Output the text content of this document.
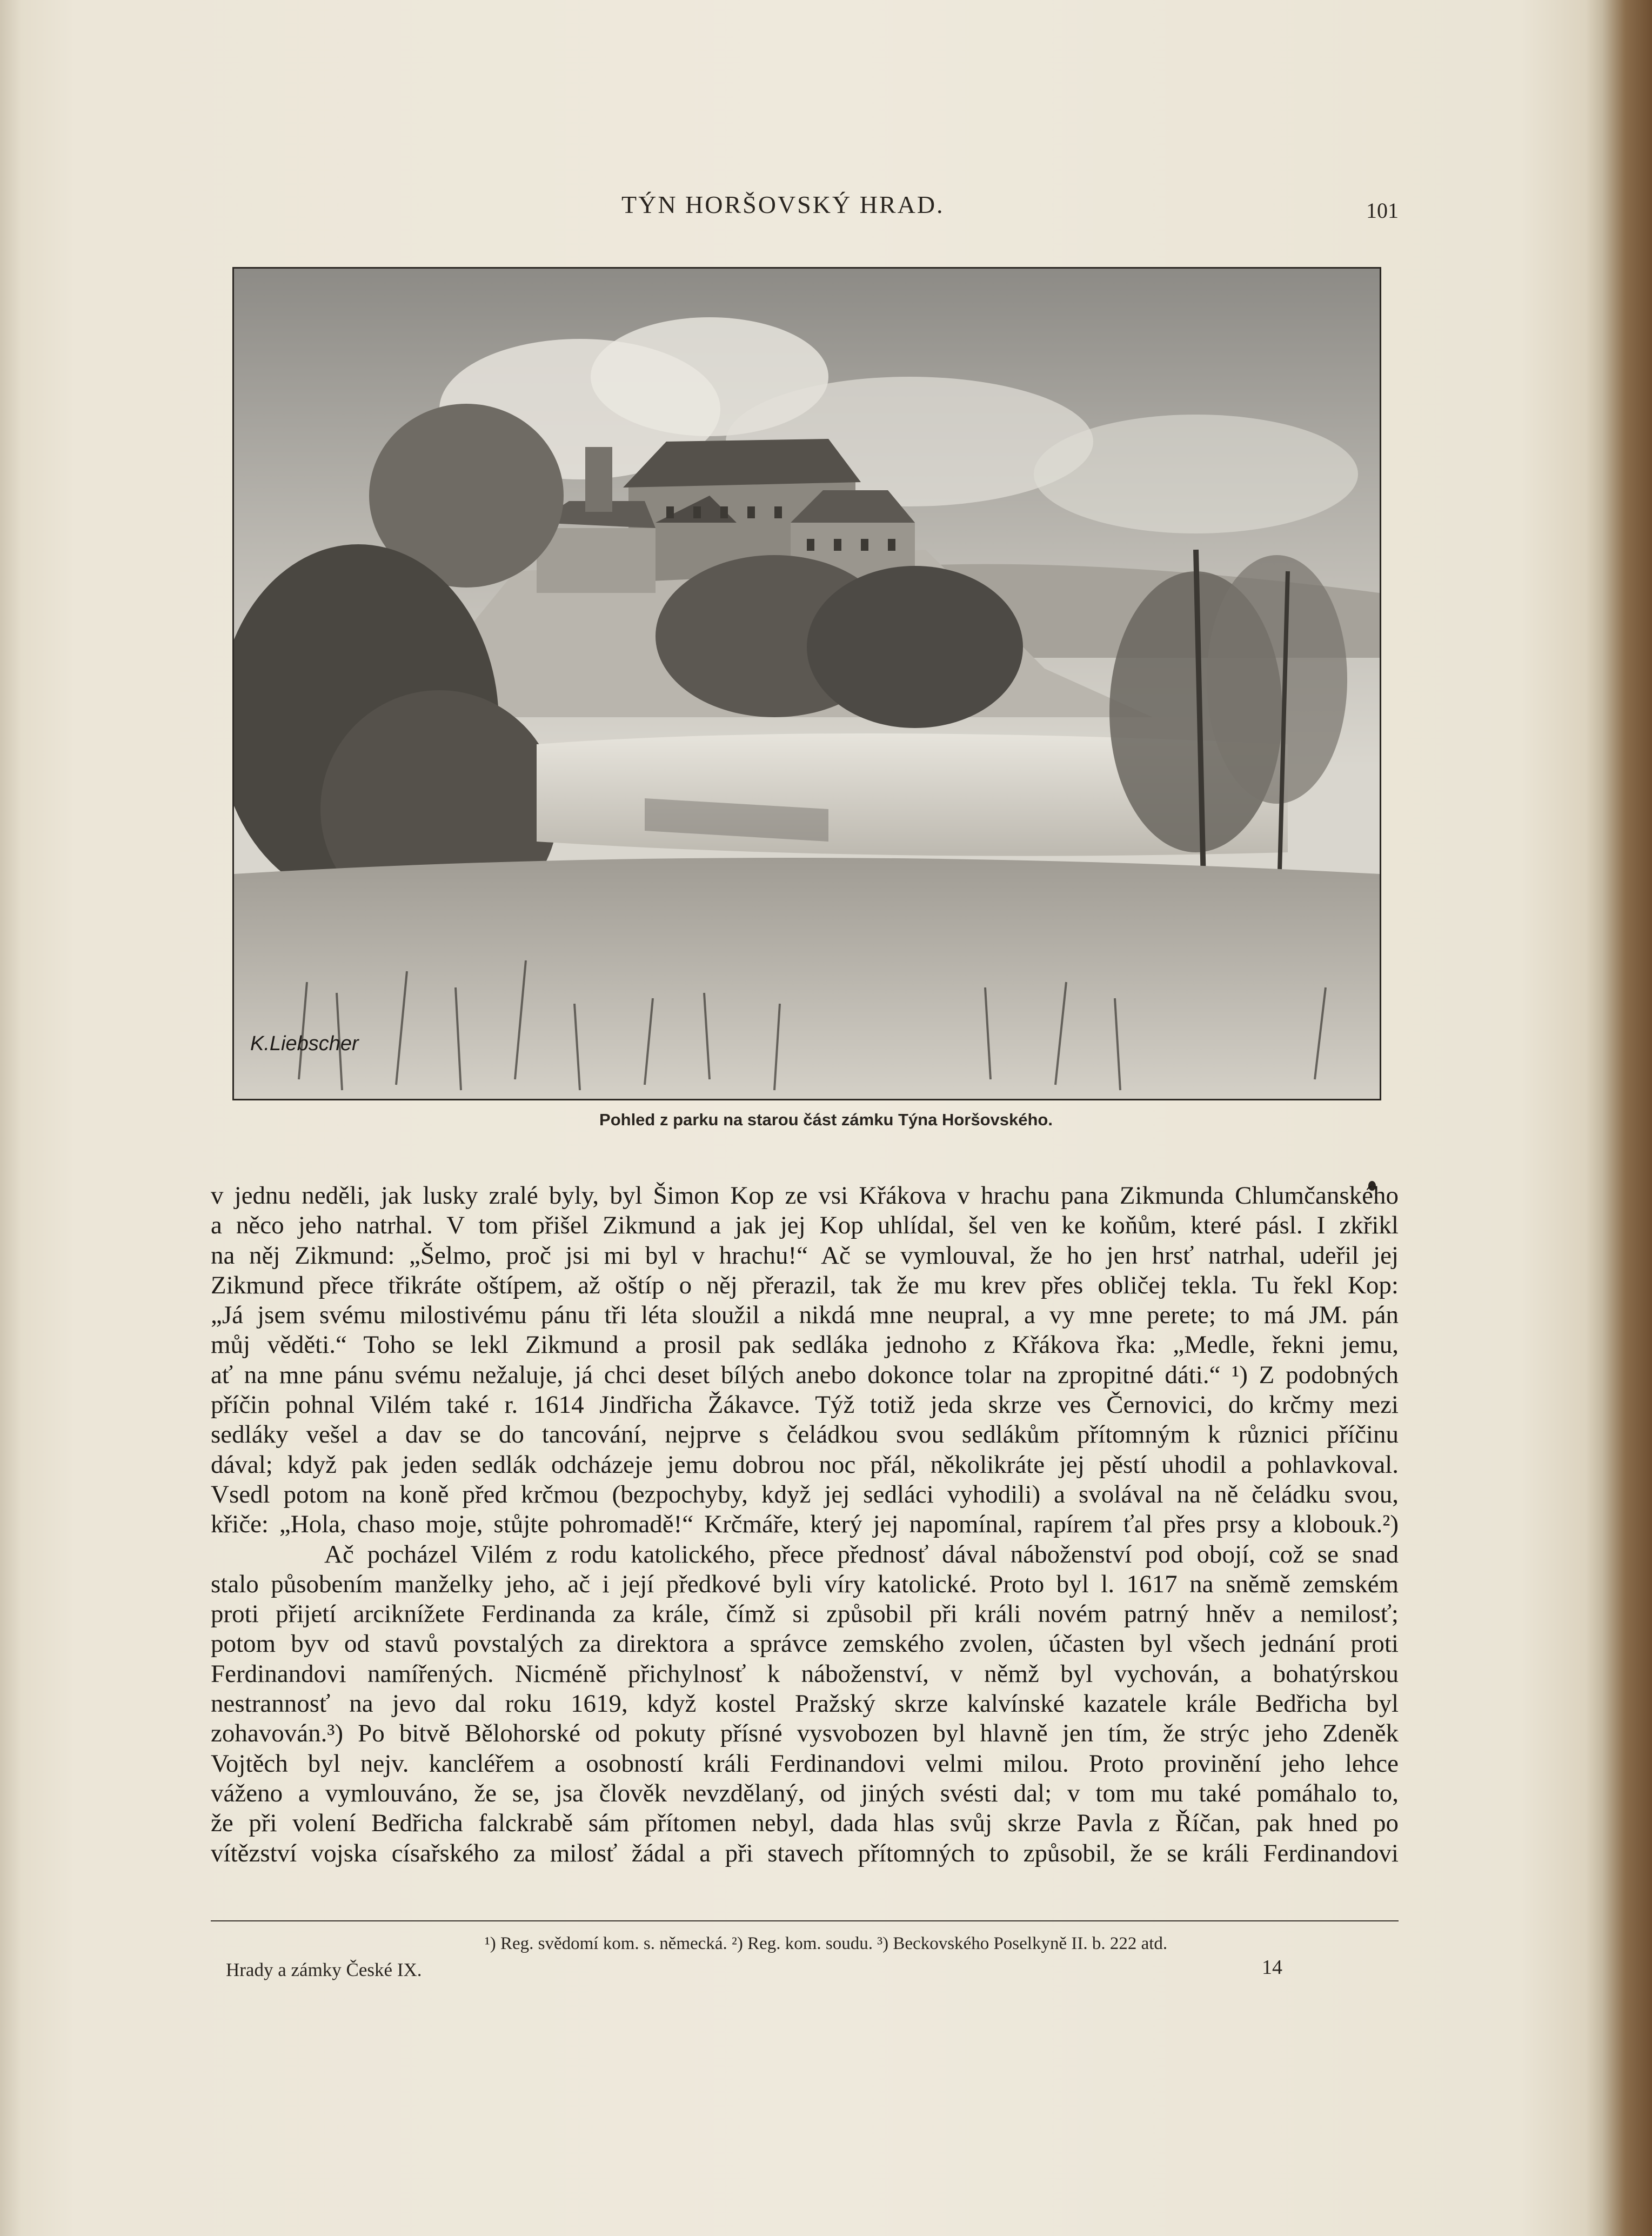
TÝN HORŠOVSKÝ HRAD.	101
K.Liebscher
Pohled z parku na starou část zámku Týna Horšovského.
v jednu neděli, jak lusky zralé byly, byl Šimon Kop ze vsi Křákova v hrachu pana Zikmunda Chlumčanského
a něco jeho natrhal. V tom přišel Zikmund a jak jej Kop uhlídal, šel ven ke koňům, které pásl. I zkřikl
na něj Zikmund: „Šelmo, proč jsi mi byl v hrachu!“ Ač se vymlouval, že ho jen hrsť natrhal, udeřil jej
Zikmund přece třikráte oštípem, až oštíp o něj přerazil, tak že mu krev přes obličej tekla. Tu řekl Kop:
„Já jsem svému milostivému pánu tři léta sloužil a nikdá mne neupral, a vy mne perete; to má JM. pán
můj věděti.“ Toho se lekl Zikmund a prosil pak sedláka jednoho z Křákova řka: „Medle, řekni jemu,
ať na mne pánu svému nežaluje, já chci deset bílých anebo dokonce tolar na zpropitné dáti.“ ¹) Z podobných
příčin pohnal Vilém také r. 1614 Jindřicha Žákavce. Týž totiž jeda skrze ves Černovici, do krčmy mezi
sedláky vešel a dav se do tancování, nejprve s čeládkou svou sedlákům přítomným k různici příčinu
dával; když pak jeden sedlák odcházeje jemu dobrou noc přál, několikráte jej pěstí uhodil a pohlavkoval.
Vsedl potom na koně před krčmou (bezpochyby, když jej sedláci vyhodili) a svolával na ně čeládku svou,
křiče: „Hola, chaso moje, stůjte pohromadě!“ Krčmáře, který jej napomínal, rapírem ťal přes prsy a klobouk.²)
Ač pocházel Vilém z rodu katolického, přece přednosť dával náboženství pod obojí, což se snad
stalo působením manželky jeho, ač i její předkové byli víry katolické. Proto byl l. 1617 na sněmě zemském
proti přijetí arciknížete Ferdinanda za krále, čímž si způsobil při králi novém patrný hněv a nemilosť;
potom byv od stavů povstalých za direktora a správce zemského zvolen, účasten byl všech jednání proti
Ferdinandovi namířených. Nicméně přichylnosť k náboženství, v němž byl vychován, a bohatýrskou
nestrannosť na jevo dal roku 1619, když kostel Pražský skrze kalvínské kazatele krále Bedřicha byl
zohavován.³) Po bitvě Bělohorské od pokuty přísné vysvobozen byl hlavně jen tím, že strýc jeho Zdeněk
Vojtěch byl nejv. kancléřem a osobností králi Ferdinandovi velmi milou. Proto provinění jeho lehce
váženo a vymlouváno, že se, jsa člověk nevzdělaný, od jiných svésti dal; v tom mu také pomáhalo to,
že při volení Bedřicha falckrabě sám přítomen nebyl, dada hlas svůj skrze Pavla z Říčan, pak hned po
vítězství vojska císařského za milosť žádal a při stavech přítomných to způsobil, že se králi Ferdinandovi
¹) Reg. svědomí kom. s. německá. ²) Reg. kom. soudu. ³) Beckovského Poselkyně II. b. 222 atd.
Hrady a zámky České IX.	14
